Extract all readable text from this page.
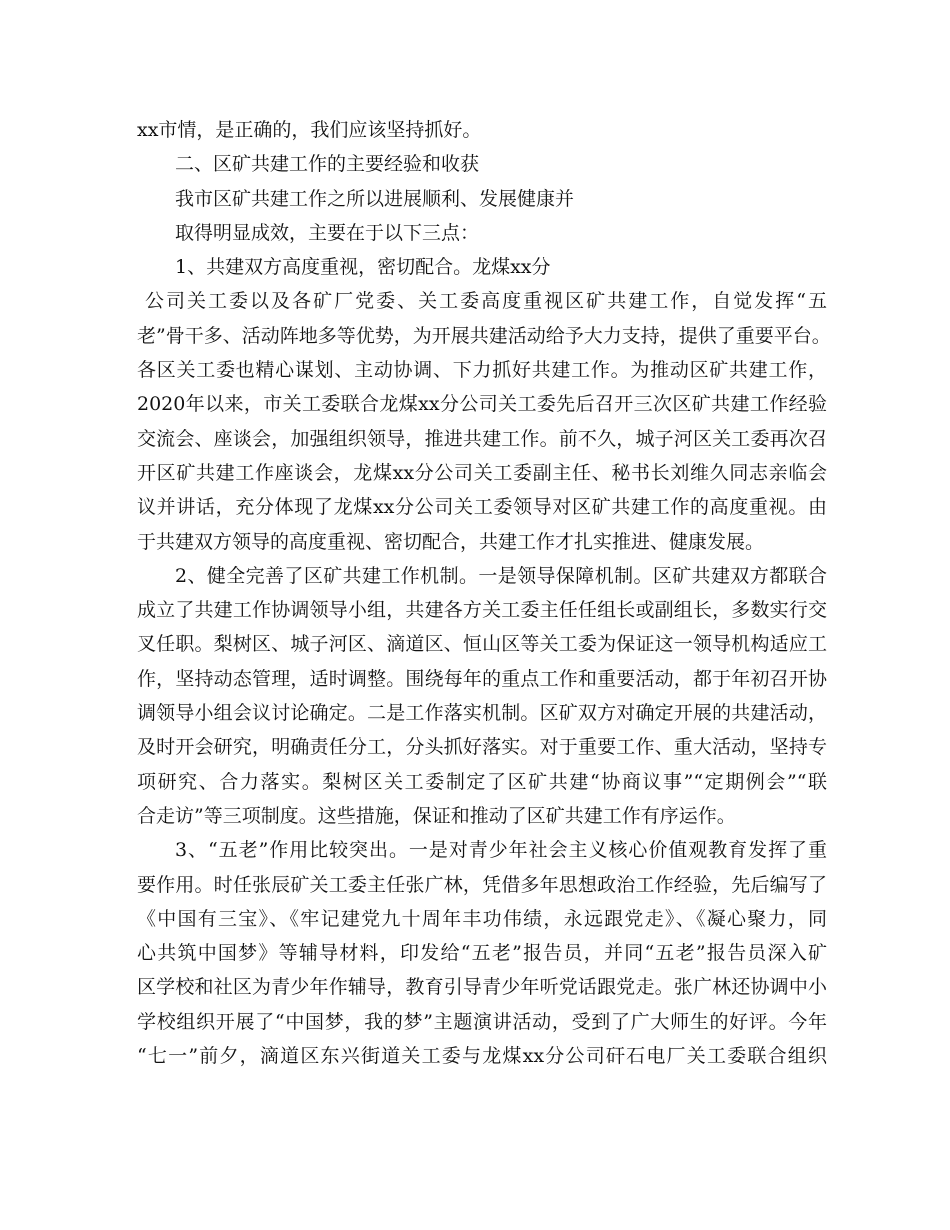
xx市情，是正确的，我们应该坚持抓好。
二、区矿共建工作的主要经验和收获
我市区矿共建工作之所以进展顺利、发展健康并
取得明显成效，主要在于以下三点：
1、共建双方高度重视，密切配合。龙煤xx分
公司关工委以及各矿厂党委、关工委高度重视区矿共建工作，自觉发挥“五
老”骨干多、活动阵地多等优势，为开展共建活动给予大力支持，提供了重要平台。
各区关工委也精心谋划、主动协调、下力抓好共建工作。为推动区矿共建工作，
2020年以来，市关工委联合龙煤xx分公司关工委先后召开三次区矿共建工作经验
交流会、座谈会，加强组织领导，推进共建工作。前不久，城子河区关工委再次召
开区矿共建工作座谈会，龙煤xx分公司关工委副主任、秘书长刘维久同志亲临会
议并讲话，充分体现了龙煤xx分公司关工委领导对区矿共建工作的高度重视。由
于共建双方领导的高度重视、密切配合，共建工作才扎实推进、健康发展。
2、健全完善了区矿共建工作机制。一是领导保障机制。区矿共建双方都联合
成立了共建工作协调领导小组，共建各方关工委主任任组长或副组长，多数实行交
叉任职。梨树区、城子河区、滴道区、恒山区等关工委为保证这一领导机构适应工
作，坚持动态管理，适时调整。围绕每年的重点工作和重要活动，都于年初召开协
调领导小组会议讨论确定。二是工作落实机制。区矿双方对确定开展的共建活动，
及时开会研究，明确责任分工，分头抓好落实。对于重要工作、重大活动，坚持专
项研究、合力落实。梨树区关工委制定了区矿共建“协商议事”“定期例会”“联
合走访”等三项制度。这些措施，保证和推动了区矿共建工作有序运作。
3、“五老”作用比较突出。一是对青少年社会主义核心价值观教育发挥了重
要作用。时任张辰矿关工委主任张广林，凭借多年思想政治工作经验，先后编写了
《中国有三宝》、《牢记建党九十周年丰功伟绩，永远跟党走》、《凝心聚力，同
心共筑中国梦》等辅导材料，印发给“五老”报告员，并同“五老”报告员深入矿
区学校和社区为青少年作辅导，教育引导青少年听党话跟党走。张广林还协调中小
学校组织开展了“中国梦，我的梦”主题演讲活动，受到了广大师生的好评。今年
“七一”前夕，滴道区东兴街道关工委与龙煤xx分公司矸石电厂关工委联合组织
